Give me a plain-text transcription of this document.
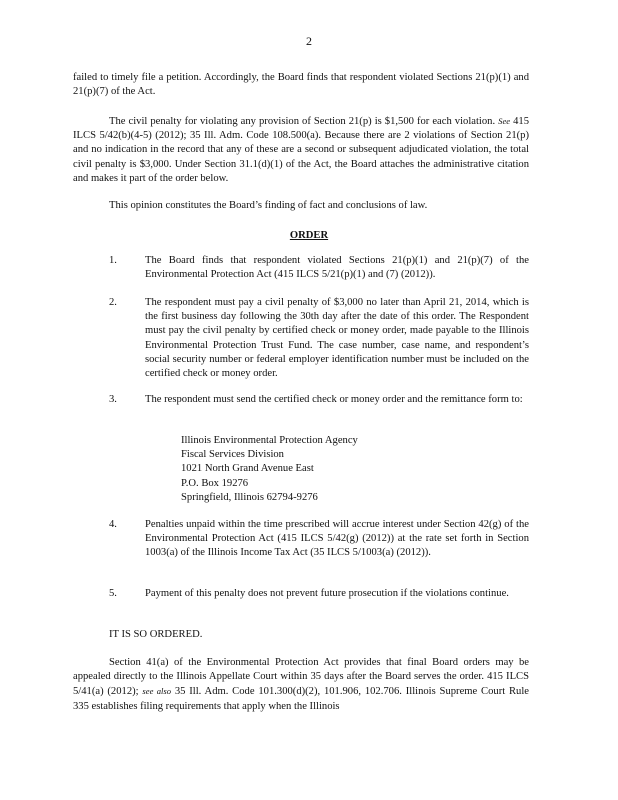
2

failed to timely file a petition. Accordingly, the Board finds that respondent violated Sections 21(p)(1) and 21(p)(7) of the Act.

The civil penalty for violating any provision of Section 21(p) is $1,500 for each violation. See 415 ILCS 5/42(b)(4-5) (2012); 35 Ill. Adm. Code 108.500(a). Because there are 2 violations of Section 21(p) and no indication in the record that any of these are a second or subsequent adjudicated violation, the total civil penalty is $3,000. Under Section 31.1(d)(1) of the Act, the Board attaches the administrative citation and makes it part of the order below.

This opinion constitutes the Board’s finding of fact and conclusions of law.

ORDER
1.	The Board finds that respondent violated Sections 21(p)(1) and 21(p)(7) of the Environmental Protection Act (415 ILCS 5/21(p)(1) and (7) (2012)).
2.	The respondent must pay a civil penalty of $3,000 no later than April 21, 2014, which is the first business day following the 30th day after the date of this order. The Respondent must pay the civil penalty by certified check or money order, made payable to the Illinois Environmental Protection Trust Fund. The case number, case name, and respondent’s social security number or federal employer identification number must be included on the certified check or money order.
3.	The respondent must send the certified check or money order and the remittance form to:
Illinois Environmental Protection Agency
Fiscal Services Division
1021 North Grand Avenue East
P.O. Box 19276
Springfield, Illinois 62794-9276
4.	Penalties unpaid within the time prescribed will accrue interest under Section 42(g) of the Environmental Protection Act (415 ILCS 5/42(g) (2012)) at the rate set forth in Section 1003(a) of the Illinois Income Tax Act (35 ILCS 5/1003(a) (2012)).
5.	Payment of this penalty does not prevent future prosecution if the violations continue.
IT IS SO ORDERED.

Section 41(a) of the Environmental Protection Act provides that final Board orders may be appealed directly to the Illinois Appellate Court within 35 days after the Board serves the order. 415 ILCS 5/41(a) (2012); see also 35 Ill. Adm. Code 101.300(d)(2), 101.906, 102.706. Illinois Supreme Court Rule 335 establishes filing requirements that apply when the Illinois
